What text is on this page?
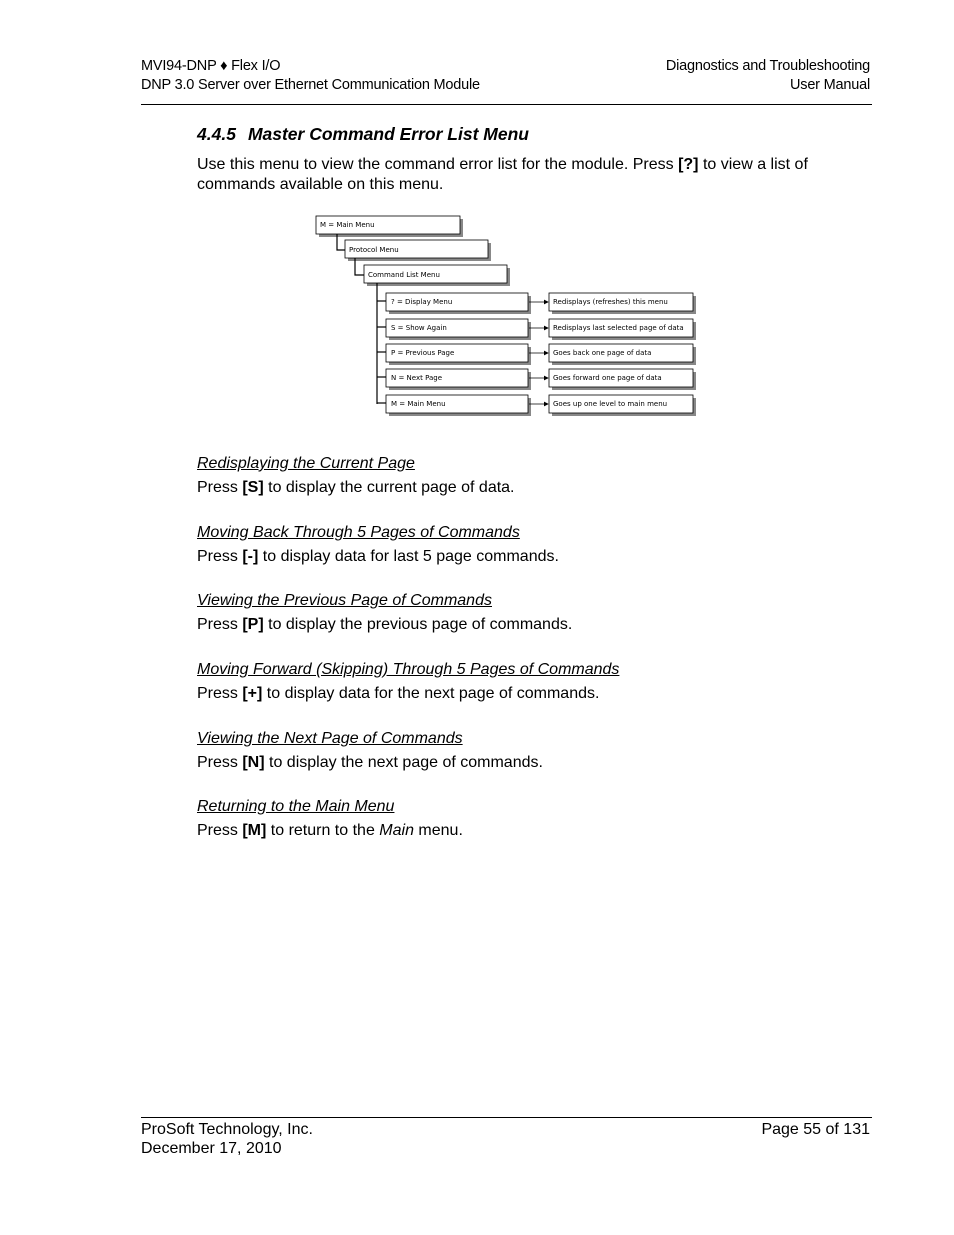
MVI94-DNP ♦ Flex I/O
DNP 3.0 Server over Ethernet Communication Module
Diagnostics and Troubleshooting
User Manual
4.4.5 Master Command Error List Menu
Use this menu to view the command error list for the module. Press [?] to view a list of commands available on this menu.
M = Main Menu
Protocol Menu
Command List Menu
? = Display Menu	Redisplays (refreshes) this menu
S = Show Again	Redisplays last selected page of data
P = Previous Page	Goes back one page of data
N = Next Page	Goes forward one page of data
M = Main Menu	Goes up one level to main menu
Redisplaying the Current Page
Press [S] to display the current page of data.
Moving Back Through 5 Pages of Commands
Press [-] to display data for last 5 page commands.
Viewing the Previous Page of Commands
Press [P] to display the previous page of commands.
Moving Forward (Skipping) Through 5 Pages of Commands
Press [+] to display data for the next page of commands.
Viewing the Next Page of Commands
Press [N] to display the next page of commands.
Returning to the Main Menu
Press [M] to return to the Main menu.
ProSoft Technology, Inc.
December 17, 2010
Page 55 of 131
